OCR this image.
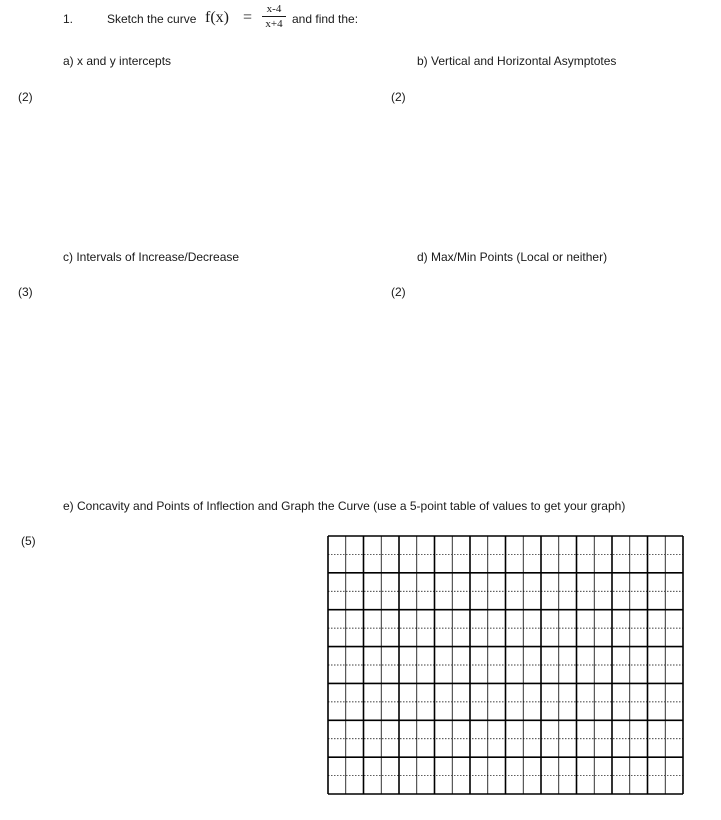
1.	Sketch the curve f(x) =	x-4
x+4 and find the:
a) x and y intercepts	b) Vertical and Horizontal Asymptotes
(2)	(2)
c) Intervals of Increase/Decrease	d) Max/Min Points (Local or neither)
(3)	(2)
e) Concavity and Points of Inflection and Graph the Curve (use a 5-point table of values to get your graph)
(5)
